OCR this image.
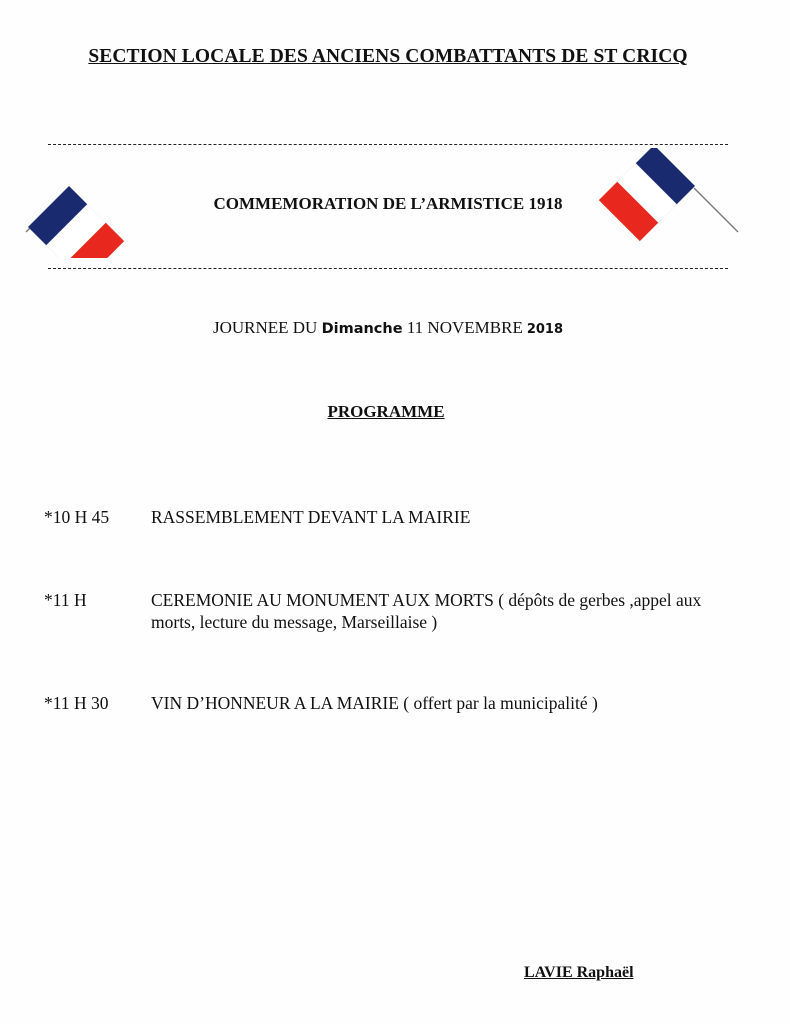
SECTION LOCALE DES ANCIENS COMBATTANTS DE ST CRICQ
COMMEMORATION DE L’ARMISTICE 1918
JOURNEE DU Dimanche 11 NOVEMBRE 2018
PROGRAMME
*10 H 45	RASSEMBLEMENT DEVANT LA MAIRIE
*11 H	CEREMONIE AU MONUMENT AUX MORTS ( dépôts de gerbes ,appel aux morts, lecture du message, Marseillaise )
*11 H 30	VIN D’HONNEUR A LA MAIRIE ( offert par la municipalité )
LAVIE Raphaël
